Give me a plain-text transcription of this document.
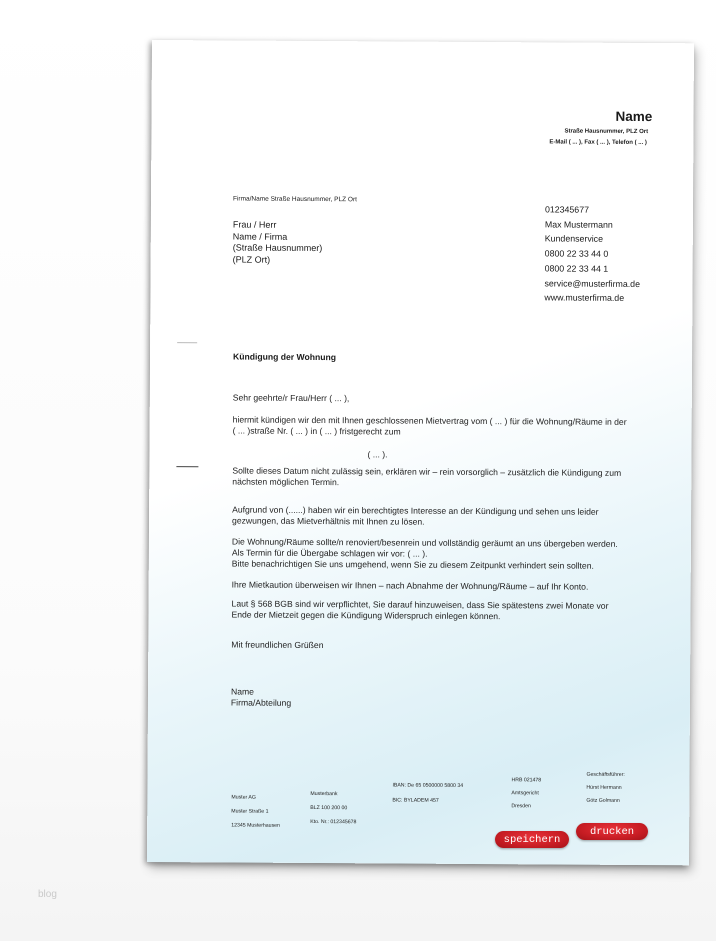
Name
Straße Hausnummer, PLZ Ort
E-Mail ( ... ), Fax ( ... ), Telefon ( ... )
Firma/Name Straße Hausnummer, PLZ Ort
Frau / Herr
Name / Firma
(Straße Hausnummer)
(PLZ Ort)
012345677
Max Mustermann
Kundenservice
0800 22 33 44 0
0800 22 33 44 1
service@musterfirma.de
www.musterfirma.de
Kündigung der Wohnung
Sehr geehrte/r Frau/Herr ( ... ),
hiermit kündigen wir den mit Ihnen geschlossenen Mietvertrag vom ( ... ) für die Wohnung/Räume in der
( ... )straße Nr. ( ... ) in ( ... ) fristgerecht zum
( ... ).
Sollte dieses Datum nicht zulässig sein, erklären wir – rein vorsorglich – zusätzlich die Kündigung zum
nächsten möglichen Termin.
Aufgrund von (......) haben wir ein berechtigtes Interesse an der Kündigung und sehen uns leider
gezwungen, das Mietverhältnis mit Ihnen zu lösen.
Die Wohnung/Räume sollte/n renoviert/besenrein und vollständig geräumt an uns übergeben werden.
Als Termin für die Übergabe schlagen wir vor: ( ... ).
Bitte benachrichtigen Sie uns umgehend, wenn Sie zu diesem Zeitpunkt verhindert sein sollten.
Ihre Mietkaution überweisen wir Ihnen – nach Abnahme der Wohnung/Räume – auf Ihr Konto.
Laut § 568 BGB sind wir verpflichtet, Sie darauf hinzuweisen, dass Sie spätestens zwei Monate vor
Ende der Mietzeit gegen die Kündigung Widerspruch einlegen können.
Mit freundlichen Grüßen
Name
Firma/Abteilung
Muster AG
Muster Straße 1
12345 Musterhausen
Musterbank
BLZ 100 200 00
Kto. Nr.: 012345678
IBAN: De 65 0500000 5800 34
BIC: BYLADEM 457
HRB 021478
Amtsgericht
Dresden
Geschäftsführer:
Hürst Hermann
Götz Golmann
speichern
drucken
blog
